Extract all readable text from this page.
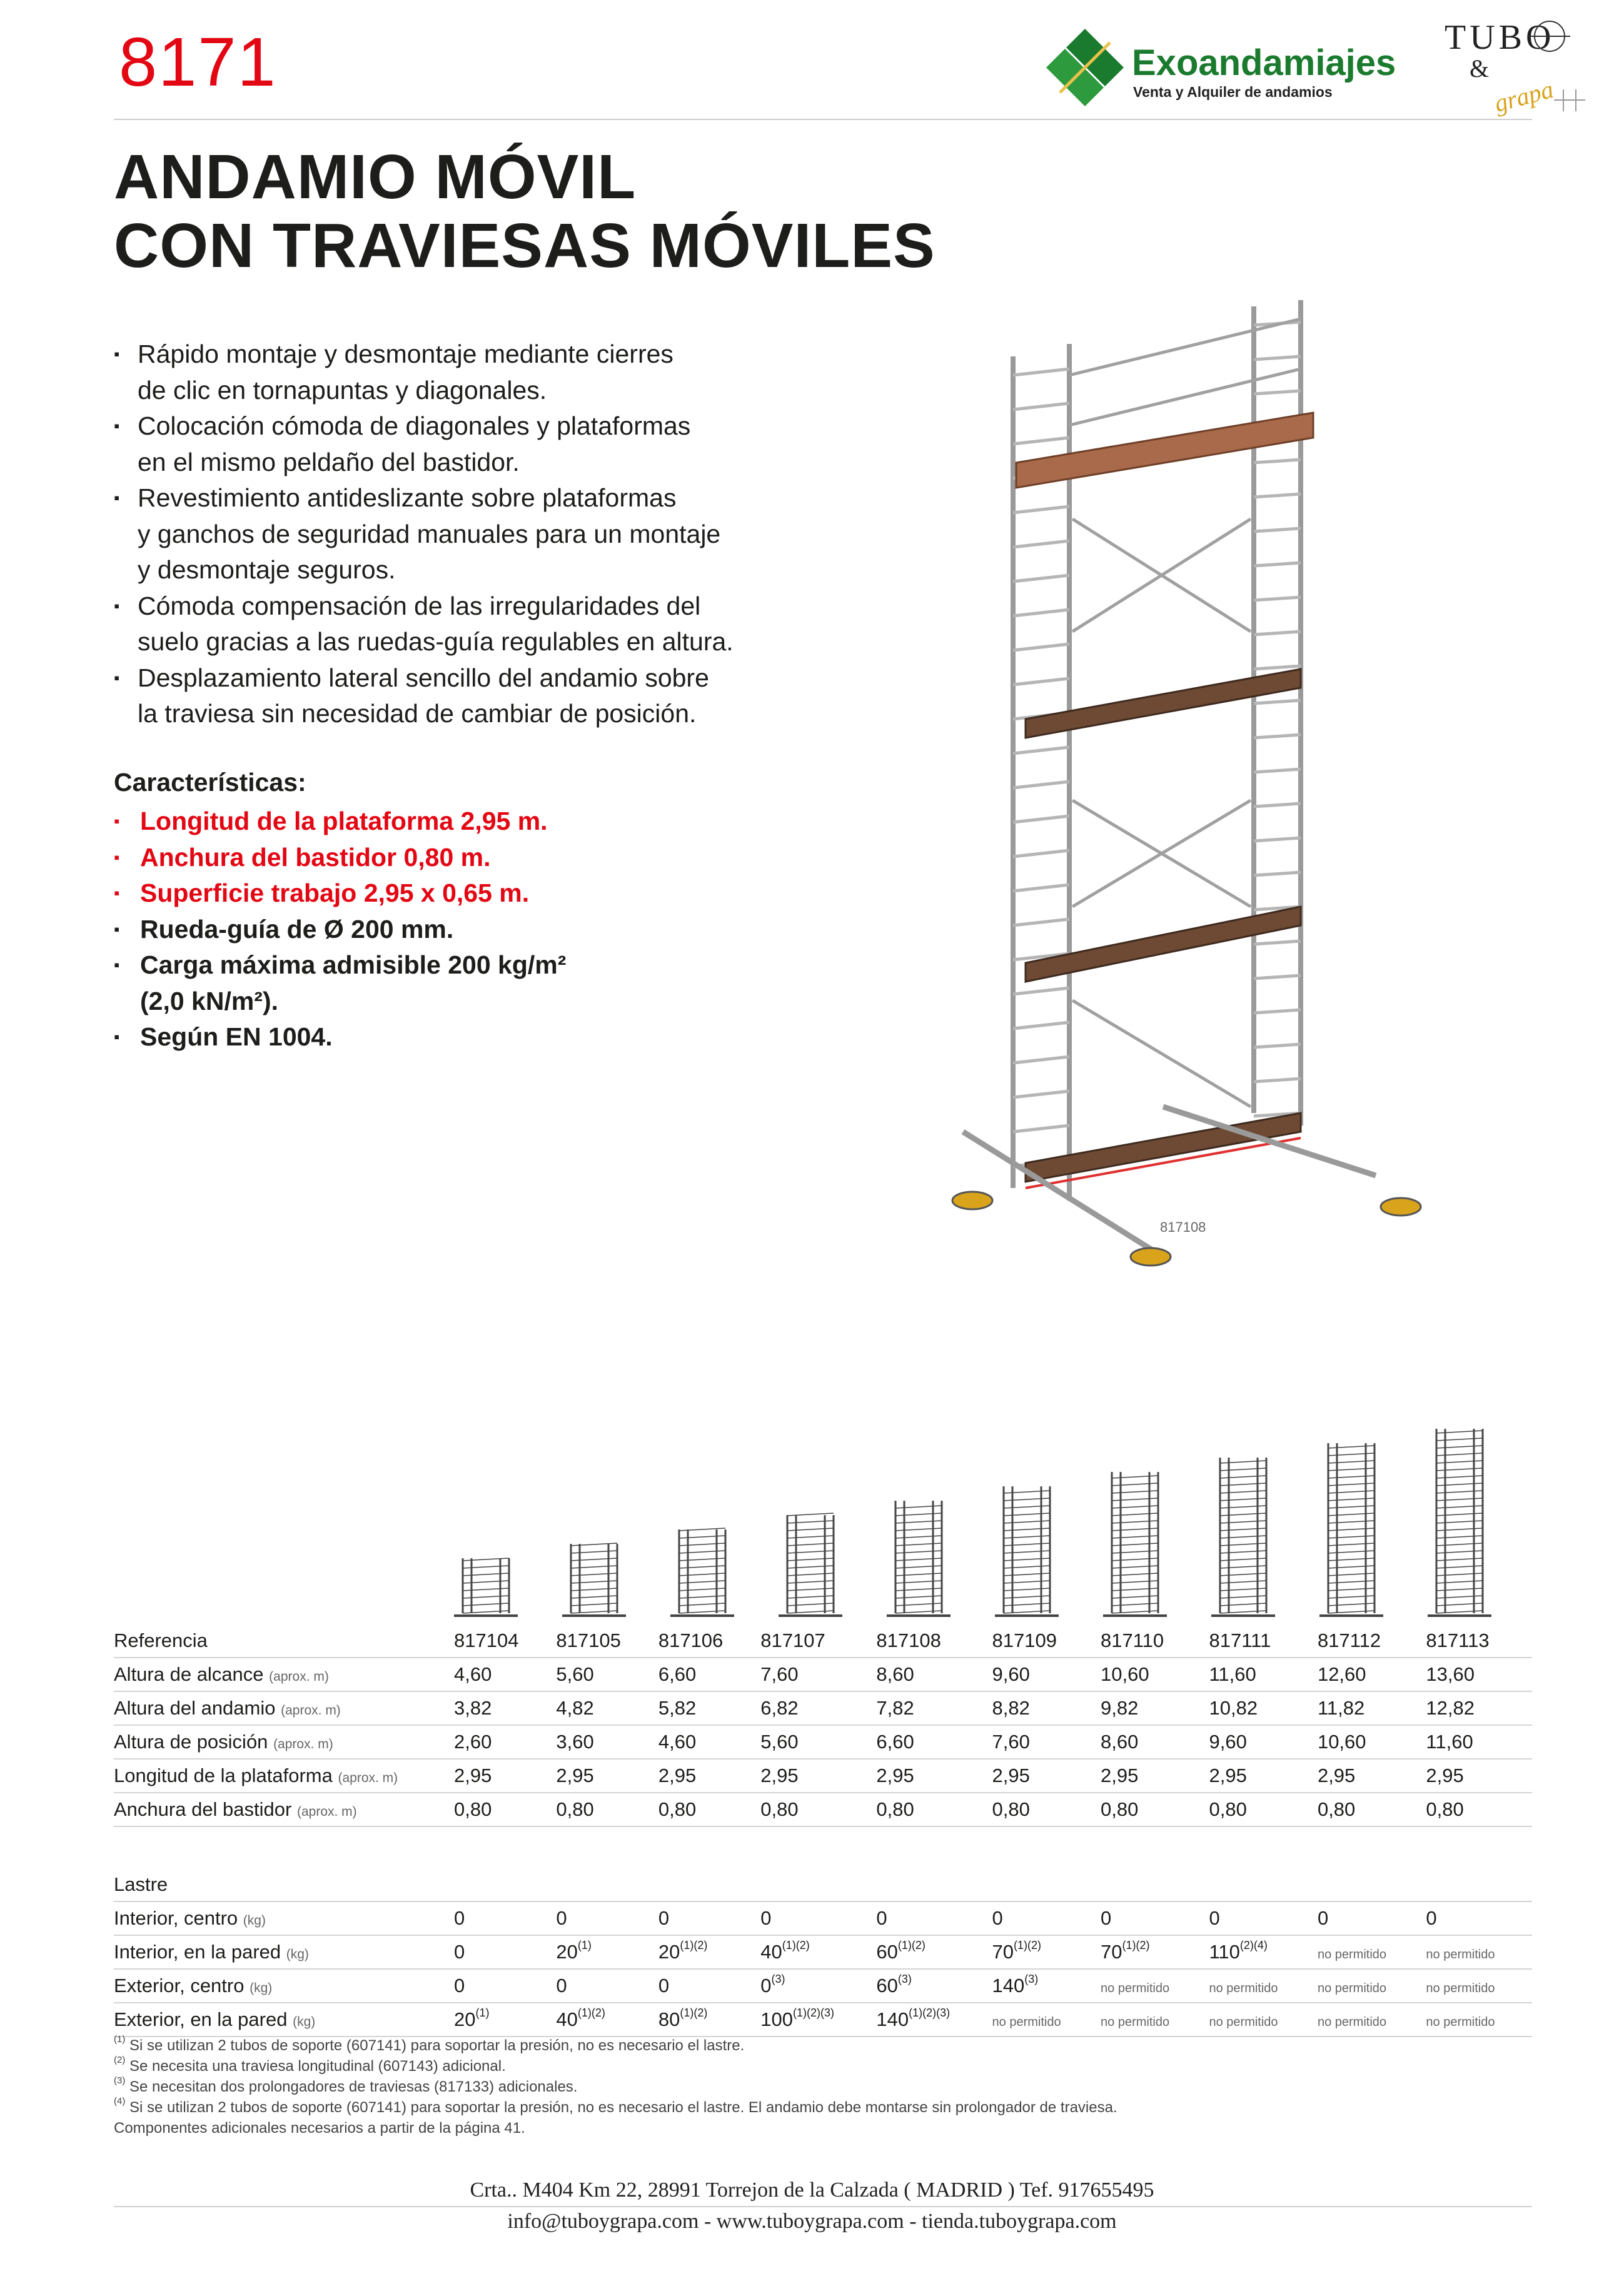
8171	Exoandamiajes
Venta y Alquiler de andamios
TUBO
&
grapa
ANDAMIO MÓVIL
CON TRAVIESAS MÓVILES
▪ Rápido montaje y desmontaje mediante cierres
de clic en tornapuntas y diagonales.
▪ Colocación cómoda de diagonales y plataformas
en el mismo peldaño del bastidor.
▪ Revestimiento antideslizante sobre plataformas
y ganchos de seguridad manuales para un montaje
y desmontaje seguros.
▪ Cómoda compensación de las irregularidades del
suelo gracias a las ruedas-guía regulables en altura.
▪ Desplazamiento lateral sencillo del andamio sobre
la traviesa sin necesidad de cambiar de posición.
Características:
▪ Longitud de la plataforma 2,95 m.
▪ Anchura del bastidor 0,80 m.
▪ Superficie trabajo 2,95 x 0,65 m.
▪ Rueda-guía de Ø 200 mm.
▪ Carga máxima admisible 200 kg/m²
(2,0 kN/m²).
▪ Según EN 1004.
817108
Referencia	817104	817105	817106	817107	817108	817109	817110	817111	817112	817113
Altura de alcance (aprox. m)	4,60	5,60	6,60	7,60	8,60	9,60	10,60	11,60	12,60	13,60
Altura del andamio (aprox. m)	3,82	4,82	5,82	6,82	7,82	8,82	9,82	10,82	11,82	12,82
Altura de posición (aprox. m)	2,60	3,60	4,60	5,60	6,60	7,60	8,60	9,60	10,60	11,60
Longitud de la plataforma (aprox. m)	2,95	2,95	2,95	2,95	2,95	2,95	2,95	2,95	2,95	2,95
Anchura del bastidor (aprox. m)	0,80	0,80	0,80	0,80	0,80	0,80	0,80	0,80	0,80	0,80

Lastre										
Interior, centro (kg)	0	0	0	0	0	0	0	0	0	0
Interior, en la pared (kg)	0	20$^{(1)}$	$20^{(1)(2)}$	$40^{(1)(2)}$	$60^{(1)(2)}$	$70^{(1)(2)}$	$70^{(1)(2)}$	$110^{(2)(4)}$	no permitido	no permitido
Exterior, centro (kg)	0	0	0	0$^{(3)}$	60$^{(3)}$	140$^{(3)}$	no permitido	no permitido	no permitido	no permitido
Exterior, en la pared (kg)	20$^{(1)}$	$40^{(1)(2)}$	$80^{(1)(2)}$	$100^{(1)(2)(3)}$	$140^{(1)(2)(3)}$	no permitido	no permitido	no permitido	no permitido	no permitido
$^{(1)}$ Si se utilizan 2 tubos de soporte (607141) para soportar la presión, no es necesario el lastre.
$^{(2)}$ Se necesita una traviesa longitudinal (607143) adicional.
$^{(3)}$ Se necesitan dos prolongadores de traviesas (817133) adicionales.
$^{(4)}$ Si se utilizan 2 tubos de soporte (607141) para soportar la presión, no es necesario el lastre. El andamio debe montarse sin prolongador de traviesa.
Componentes adicionales necesarios a partir de la página 41.
Crta.. M404 Km 22, 28991 Torrejon de la Calzada ( MADRID ) Tef. 917655495
info@tuboygrapa.com - www.tuboygrapa.com - tienda.tuboygrapa.com
